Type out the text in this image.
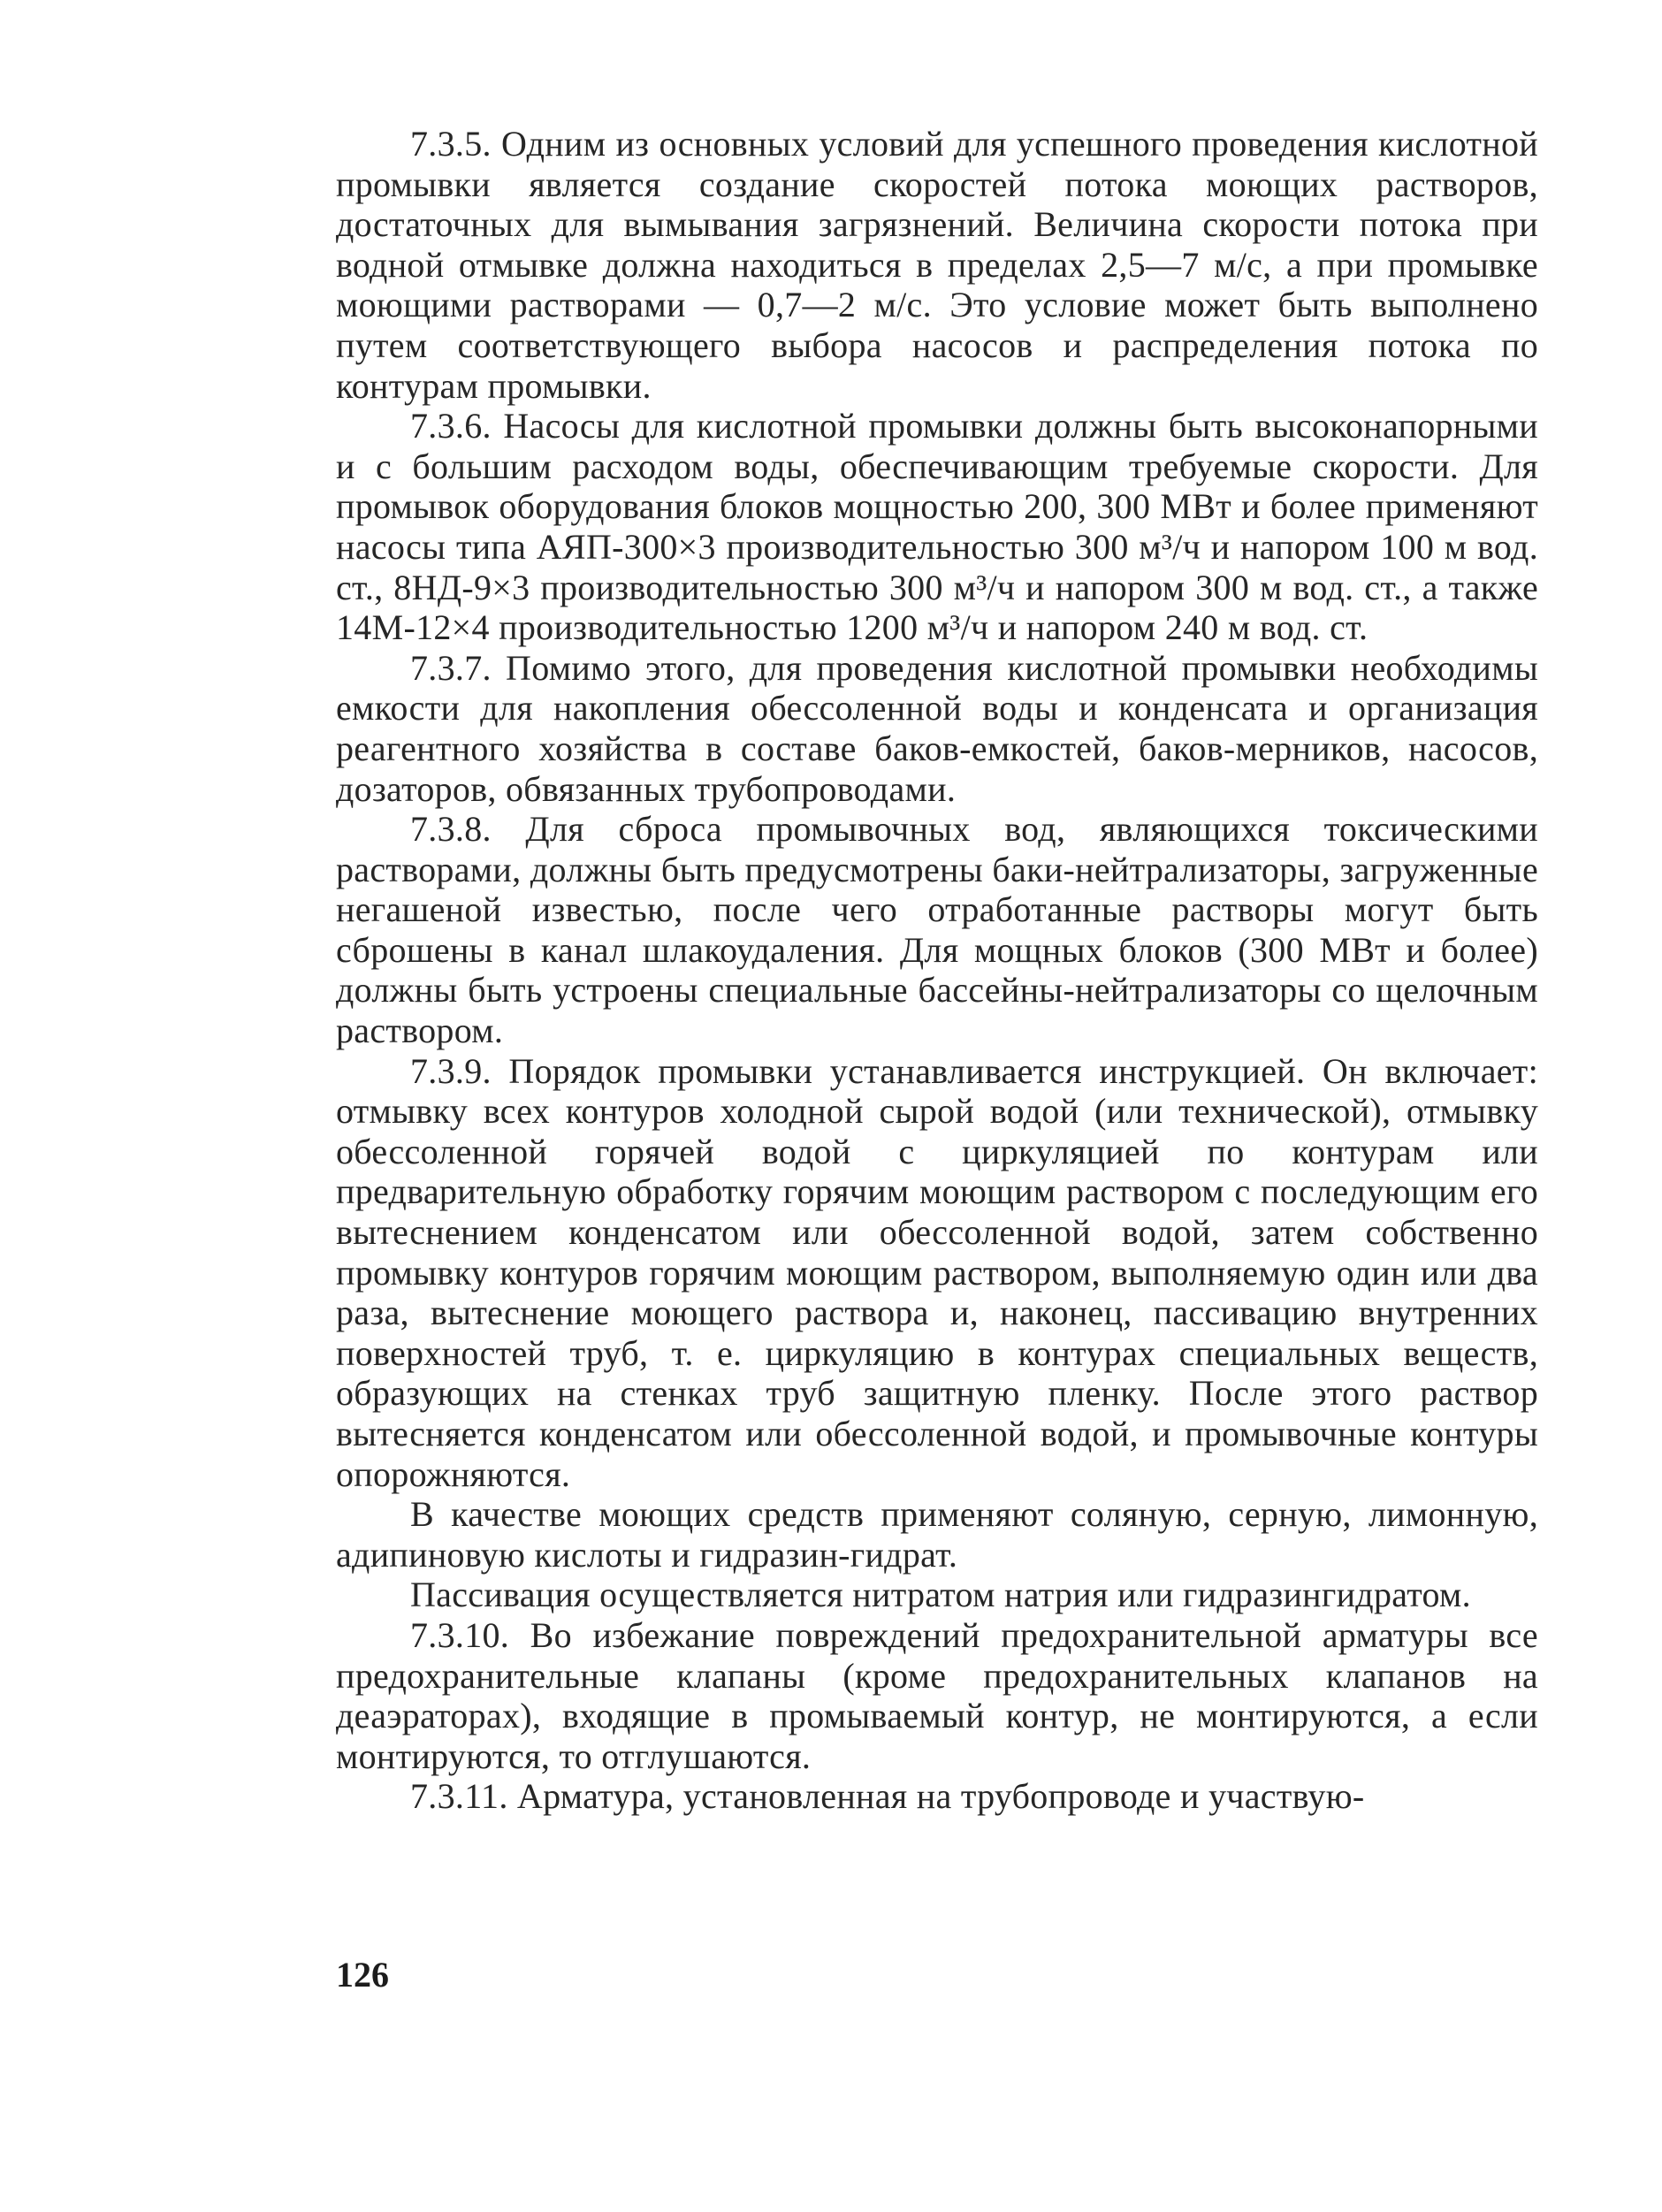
7.3.5. Одним из основных условий для успешного проведения кислотной промывки является создание скоростей потока моющих растворов, достаточных для вымывания загрязнений. Величина скорости потока при водной отмывке должна находиться в пределах 2,5—7 м/с, а при промывке моющими растворами — 0,7—2 м/с. Это условие может быть выполнено путем соответствующего выбора насосов и распределения потока по контурам промывки.

7.3.6. Насосы для кислотной промывки должны быть высоконапорными и с большим расходом воды, обеспечивающим требуемые скорости. Для промывок оборудования блоков мощностью 200, 300 МВт и более применяют насосы типа АЯП-300×3 производительностью 300 м³/ч и напором 100 м вод. ст., 8НД-9×3 производительностью 300 м³/ч и напором 300 м вод. ст., а также 14М-12×4 производительностью 1200 м³/ч и напором 240 м вод. ст.

7.3.7. Помимо этого, для проведения кислотной промывки необходимы емкости для накопления обессоленной воды и конденсата и организация реагентного хозяйства в составе баков-емкостей, баков-мерников, насосов, дозаторов, обвязанных трубопроводами.

7.3.8. Для сброса промывочных вод, являющихся токсическими растворами, должны быть предусмотрены баки-нейтрализаторы, загруженные негашеной известью, после чего отработанные растворы могут быть сброшены в канал шлакоудаления. Для мощных блоков (300 МВт и более) должны быть устроены специальные бассейны-нейтрализаторы со щелочным раствором.

7.3.9. Порядок промывки устанавливается инструкцией. Он включает: отмывку всех контуров холодной сырой водой (или технической), отмывку обессоленной горячей водой с циркуляцией по контурам или предварительную обработку горячим моющим раствором с последующим его вытеснением конденсатом или обессоленной водой, затем собственно промывку контуров горячим моющим раствором, выполняемую один или два раза, вытеснение моющего раствора и, наконец, пассивацию внутренних поверхностей труб, т. е. циркуляцию в контурах специальных веществ, образующих на стенках труб защитную пленку. После этого раствор вытесняется конденсатом или обессоленной водой, и промывочные контуры опорожняются.

В качестве моющих средств применяют соляную, серную, лимонную, адипиновую кислоты и гидразин-гидрат.

Пассивация осуществляется нитратом натрия или гидразингидратом.

7.3.10. Во избежание повреждений предохранительной арматуры все предохранительные клапаны (кроме предохранительных клапанов на деаэраторах), входящие в промываемый контур, не монтируются, а если монтируются, то отглушаются.

7.3.11. Арматура, установленная на трубопроводе и участвую-

126
